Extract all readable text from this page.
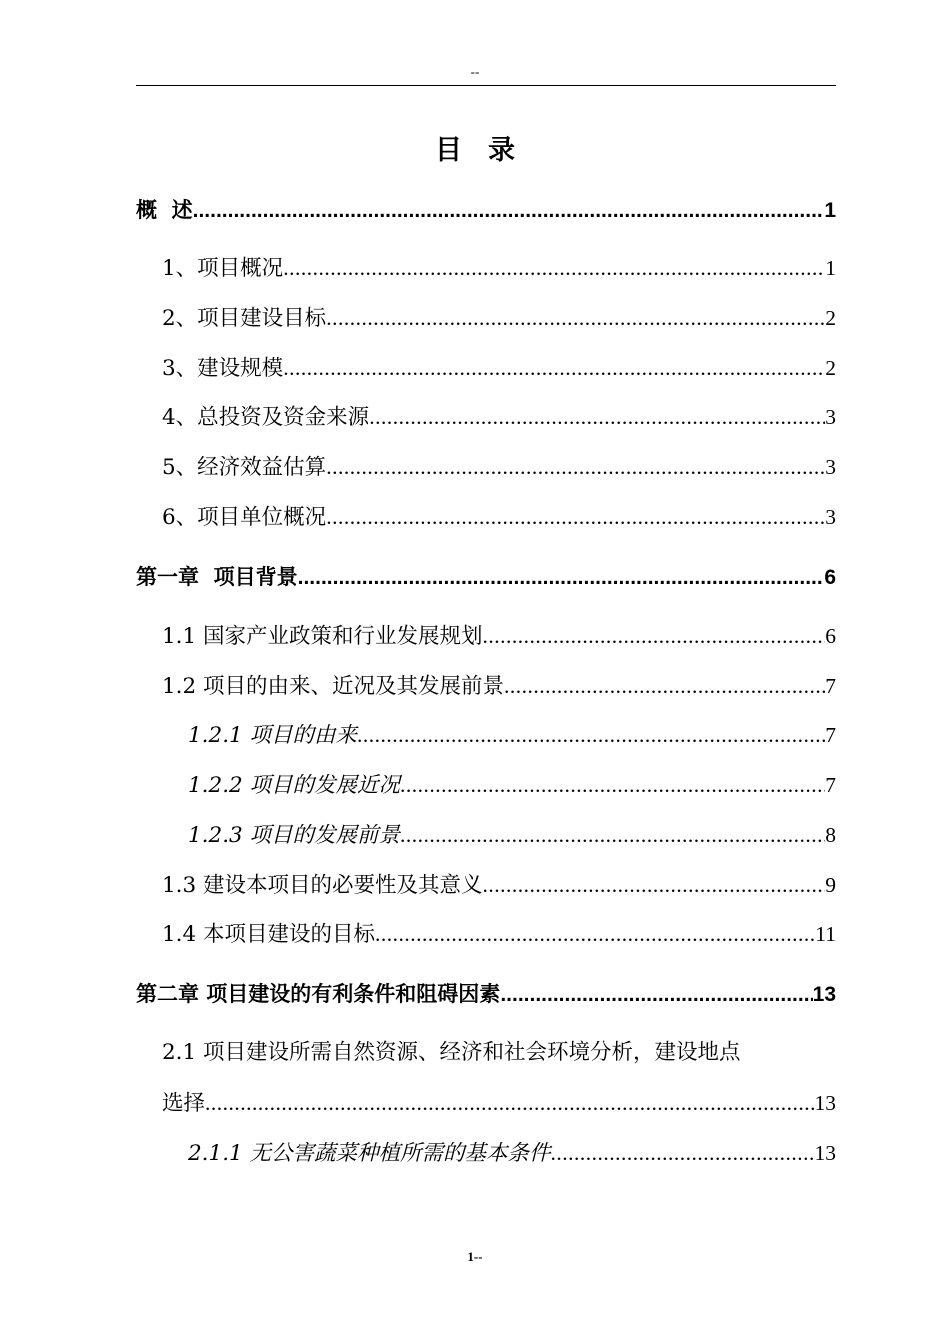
--
目 录
概  述 .....	1
1、项目概况 .....	1
2、项目建设目标 .....	2
3、建设规模 .....	2
4、总投资及资金来源 .....	3
5、经济效益估算 .....	3
6、项目单位概况 .....	3
第一章  项目背景 .....	6
1.1 国家产业政策和行业发展规划 .....	6
1.2 项目的由来、近况及其发展前景 .....	7
1.2.1 项目的由来 .....	7
1.2.2 项目的发展近况 .....	7
1.2.3 项目的发展前景 .....	8
1.3 建设本项目的必要性及其意义 .....	9
1.4 本项目建设的目标 .....	11
第二章 项目建设的有利条件和阻碍因素 .....	13
2.1 项目建设所需自然资源、经济和社会环境分析，建设地点
选择 .....	13
2.1.1 无公害蔬菜种植所需的基本条件 .....	13
1--
